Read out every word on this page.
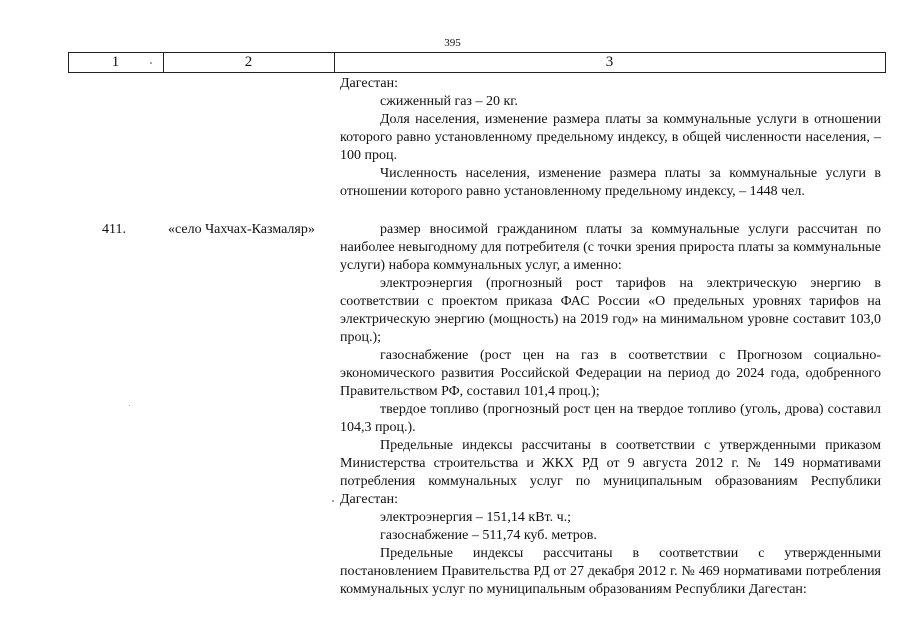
395
1	2	3

Дагестан:

сжиженный газ – 20 кг.

Доля населения, изменение размера платы за коммунальные услуги в отношении которого равно установленному предельному индексу, в общей численности населения, – 100 проц.

Численность населения, изменение размера платы за коммунальные услуги в отношении которого равно установленному предельному индексу, – 1448 чел.

411.	«село Чахчах-Казмаляр»	размер вносимой гражданином платы за коммунальные услуги рассчитан по наиболее невыгодному для потребителя (с точки зрения прироста платы за коммунальные услуги) набора коммунальных услуг, а именно:

электроэнергия (прогнозный рост тарифов на электрическую энергию в соответствии с проектом приказа ФАС России «О предельных уровнях тарифов на электрическую энергию (мощность) на 2019 год» на минимальном уровне составит 103,0 проц.);

газоснабжение (рост цен на газ в соответствии с Прогнозом социально-экономического развития Российской Федерации на период до 2024 года, одобренного Правительством РФ, составил 101,4 проц.);

твердое топливо (прогнозный рост цен на твердое топливо (уголь, дрова) составил 104,3 проц.).

Предельные индексы рассчитаны в соответствии с утвержденными приказом Министерства строительства и ЖКХ РД от 9 августа 2012 г. № 149 нормативами потребления коммунальных услуг по муниципальным образованиям Республики Дагестан:

электроэнергия – 151,14 кВт. ч.;

газоснабжение – 511,74 куб. метров.

Предельные индексы рассчитаны в соответствии с утвержденными постановлением Правительства РД от 27 декабря 2012 г. № 469 нормативами потребления коммунальных услуг по муниципальным образованиям Республики Дагестан:
